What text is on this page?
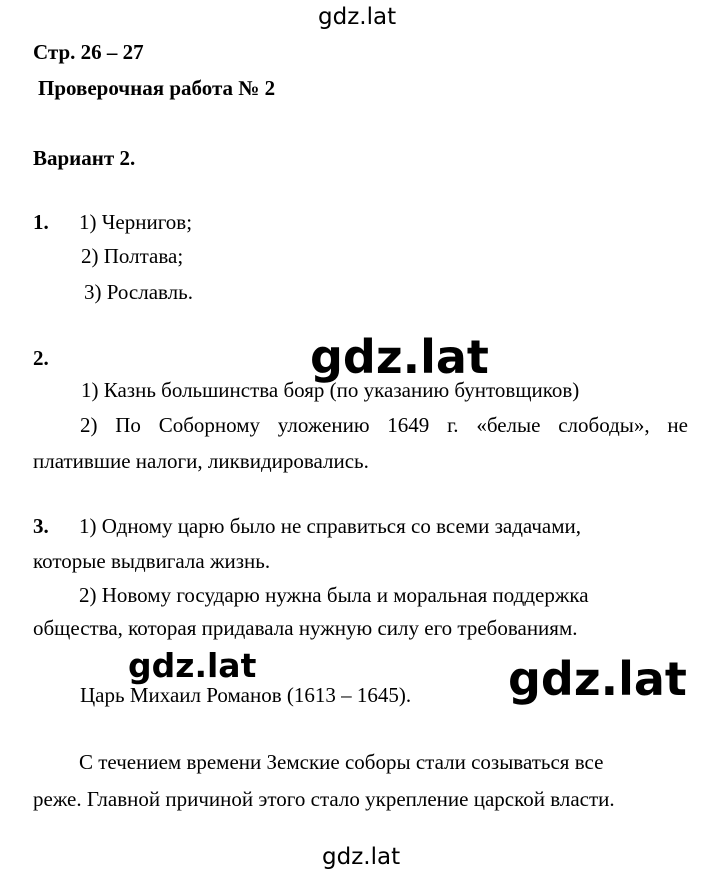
gdz.lat
Стр. 26 – 27
Проверочная работа № 2
Вариант 2.
1. 1) Чернигов;
2) Полтава;
3) Рославль.
2.	gdz.lat
1) Казнь большинства бояр (по указанию бунтовщиков)
2) По Соборному уложению 1649 г. «белые слободы», не
платившие налоги, ликвидировались.
3. 1) Одному царю было не справиться со всеми задачами,
которые выдвигала жизнь.
2) Новому государю нужна была и моральная поддержка
общества, которая придавала нужную силу его требованиям.
Царь Михаил Романов (1613 – 1645).
gdz.lat	gdz.lat
С течением времени Земские соборы стали созываться все
реже. Главной причиной этого стало укрепление царской власти.
gdz.lat
